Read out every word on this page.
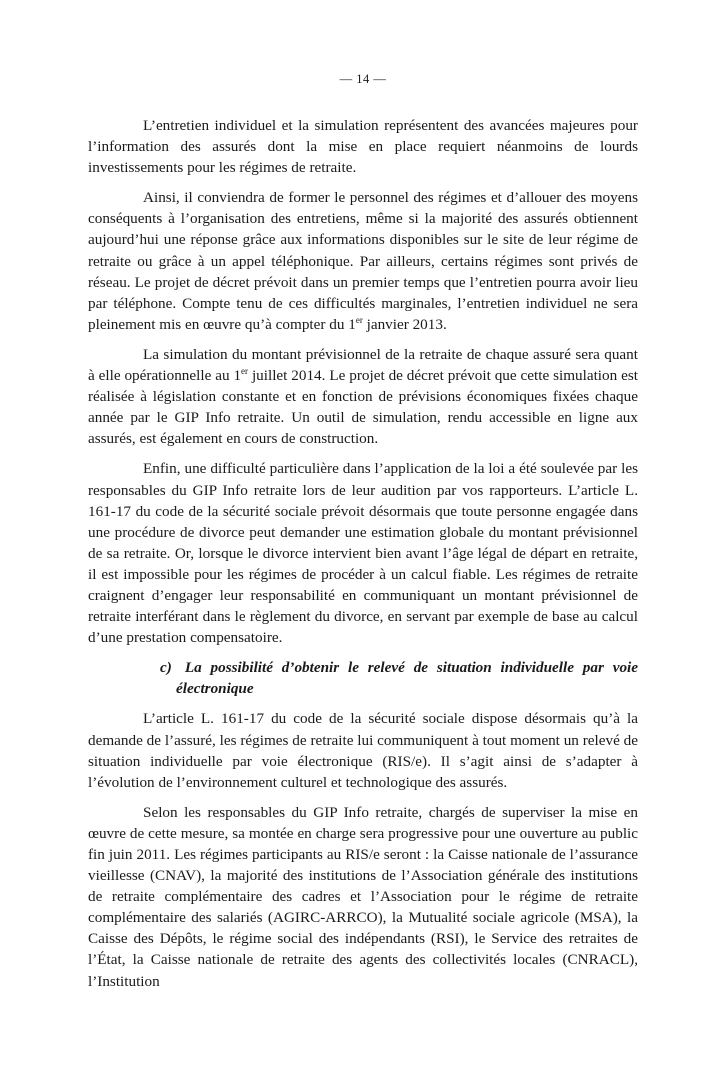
— 14 —

L’entretien individuel et la simulation représentent des avancées majeures pour l’information des assurés dont la mise en place requiert néanmoins de lourds investissements pour les régimes de retraite.

Ainsi, il conviendra de former le personnel des régimes et d’allouer des moyens conséquents à l’organisation des entretiens, même si la majorité des assurés obtiennent aujourd’hui une réponse grâce aux informations disponibles sur le site de leur régime de retraite ou grâce à un appel téléphonique. Par ailleurs, certains régimes sont privés de réseau. Le projet de décret prévoit dans un premier temps que l’entretien pourra avoir lieu par téléphone. Compte tenu de ces difficultés marginales, l’entretien individuel ne sera pleinement mis en œuvre qu’à compter du 1er janvier 2013.

La simulation du montant prévisionnel de la retraite de chaque assuré sera quant à elle opérationnelle au 1er juillet 2014. Le projet de décret prévoit que cette simulation est réalisée à législation constante et en fonction de prévisions économiques fixées chaque année par le GIP Info retraite. Un outil de simulation, rendu accessible en ligne aux assurés, est également en cours de construction.

Enfin, une difficulté particulière dans l’application de la loi a été soulevée par les responsables du GIP Info retraite lors de leur audition par vos rapporteurs. L’article L. 161-17 du code de la sécurité sociale prévoit désormais que toute personne engagée dans une procédure de divorce peut demander une estimation globale du montant prévisionnel de sa retraite. Or, lorsque le divorce intervient bien avant l’âge légal de départ en retraite, il est impossible pour les régimes de procéder à un calcul fiable. Les régimes de retraite craignent d’engager leur responsabilité en communiquant un montant prévisionnel de retraite interférant dans le règlement du divorce, en servant par exemple de base au calcul d’une prestation compensatoire.

c) La possibilité d’obtenir le relevé de situation individuelle par voie électronique

L’article L. 161-17 du code de la sécurité sociale dispose désormais qu’à la demande de l’assuré, les régimes de retraite lui communiquent à tout moment un relevé de situation individuelle par voie électronique (RIS/e). Il s’agit ainsi de s’adapter à l’évolution de l’environnement culturel et technologique des assurés.

Selon les responsables du GIP Info retraite, chargés de superviser la mise en œuvre de cette mesure, sa montée en charge sera progressive pour une ouverture au public fin juin 2011. Les régimes participants au RIS/e seront : la Caisse nationale de l’assurance vieillesse (CNAV), la majorité des institutions de l’Association générale des institutions de retraite complémentaire des cadres et l’Association pour le régime de retraite complémentaire des salariés (AGIRC-ARRCO), la Mutualité sociale agricole (MSA), la Caisse des Dépôts, le régime social des indépendants (RSI), le Service des retraites de l’État, la Caisse nationale de retraite des agents des collectivités locales (CNRACL), l’Institution
